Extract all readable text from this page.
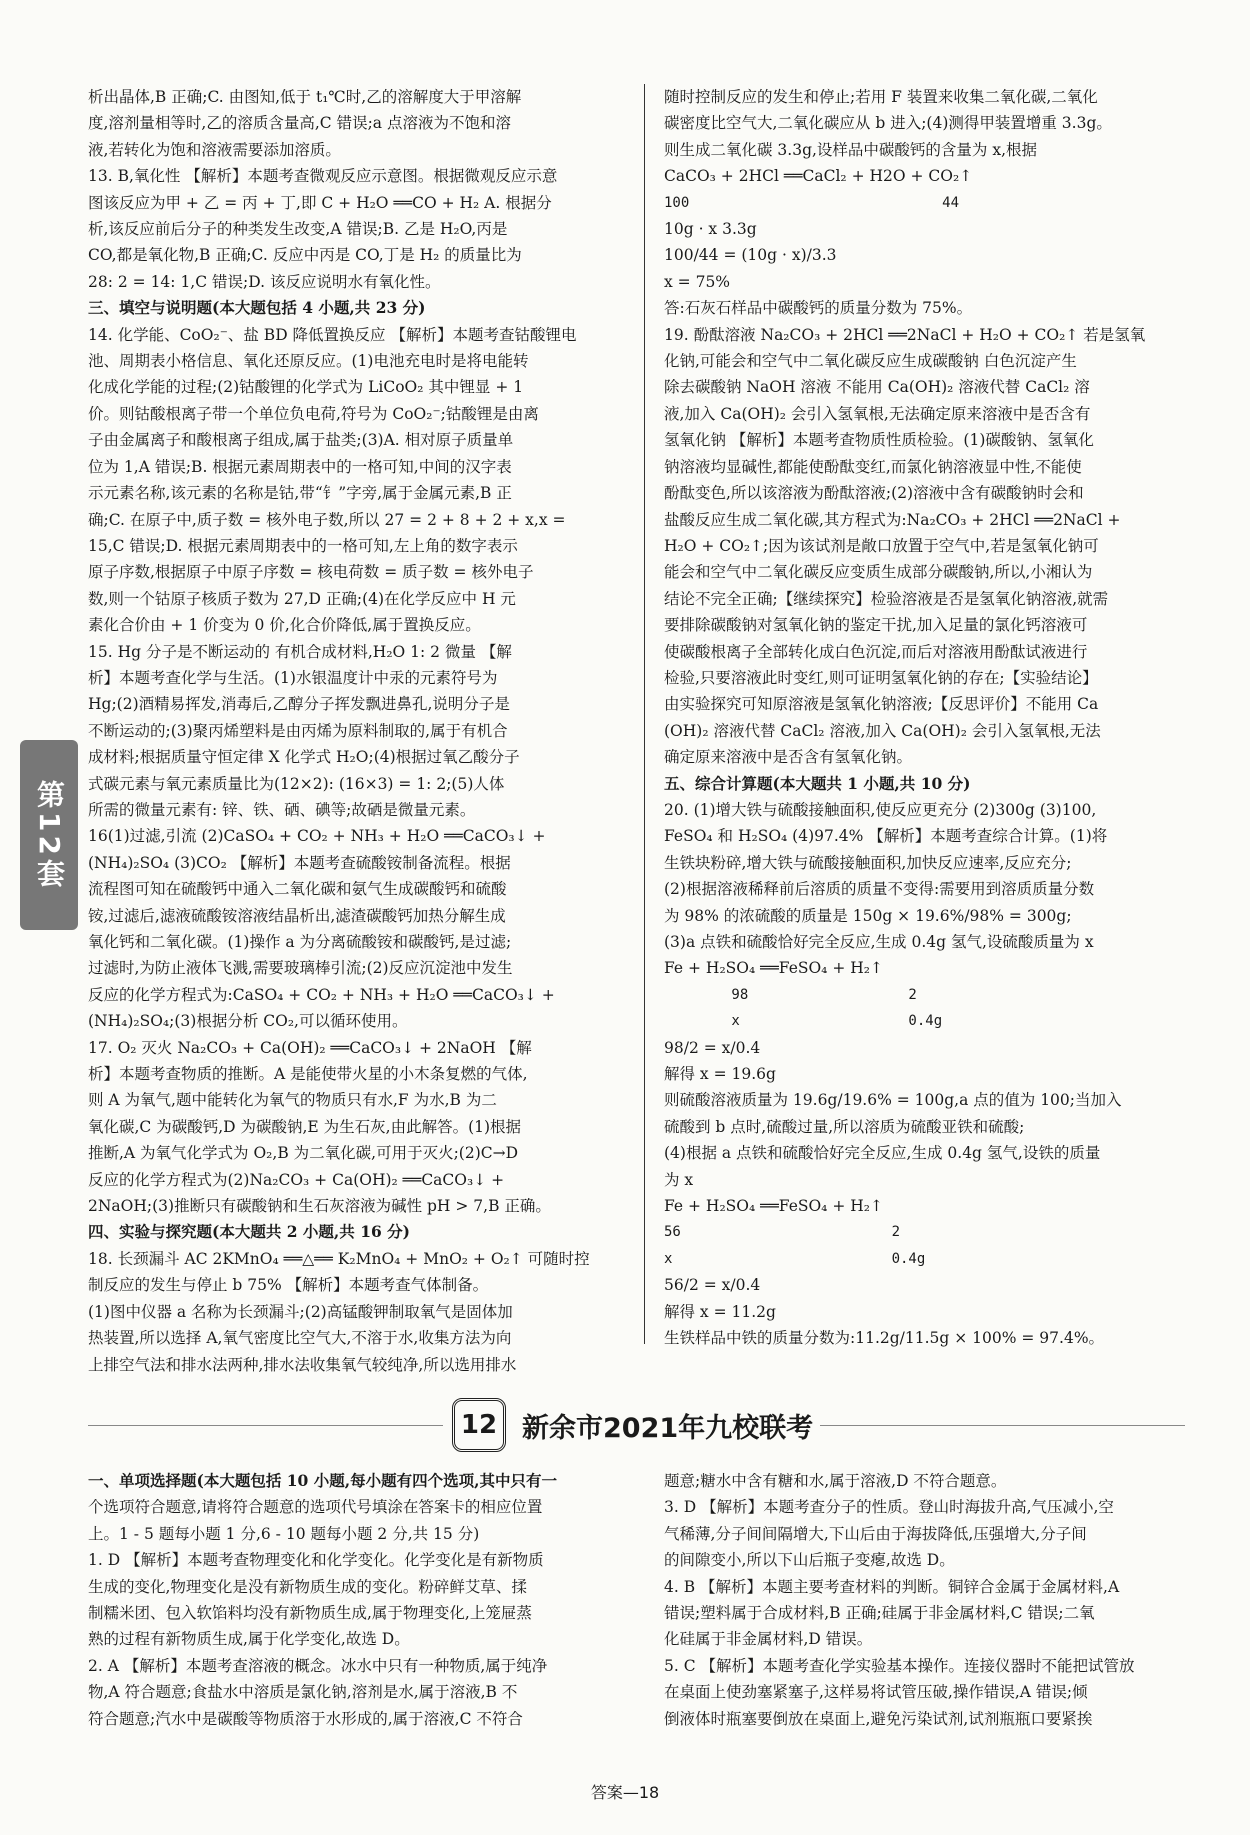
第12套

析出晶体,B 正确;C. 由图知,低于 t₁℃时,乙的溶解度大于甲溶解

度,溶剂量相等时,乙的溶质含量高,C 错误;a 点溶液为不饱和溶

液,若转化为饱和溶液需要添加溶质。

13. B,氧化性 【解析】本题考查微观反应示意图。根据微观反应示意

图该反应为甲 + 乙 = 丙 + 丁,即 C + H₂O ══CO + H₂ A. 根据分

析,该反应前后分子的种类发生改变,A 错误;B. 乙是 H₂O,丙是

CO,都是氧化物,B 正确;C. 反应中丙是 CO,丁是 H₂ 的质量比为

28: 2 = 14: 1,C 错误;D. 该反应说明水有氧化性。

三、填空与说明题(本大题包括 4 小题,共 23 分)

14. 化学能、CoO₂⁻、盐 BD 降低置换反应 【解析】本题考查钴酸锂电

池、周期表小格信息、氧化还原反应。(1)电池充电时是将电能转

化成化学能的过程;(2)钴酸锂的化学式为 LiCoO₂ 其中锂显 + 1

价。则钴酸根离子带一个单位负电荷,符号为 CoO₂⁻;钴酸锂是由离

子由金属离子和酸根离子组成,属于盐类;(3)A. 相对原子质量单

位为 1,A 错误;B. 根据元素周期表中的一格可知,中间的汉字表

示元素名称,该元素的名称是钴,带“钅”字旁,属于金属元素,B 正

确;C. 在原子中,质子数 = 核外电子数,所以 27 = 2 + 8 + 2 + x,x =

15,C 错误;D. 根据元素周期表中的一格可知,左上角的数字表示

原子序数,根据原子中原子序数 = 核电荷数 = 质子数 = 核外电子

数,则一个钴原子核质子数为 27,D 正确;(4)在化学反应中 H 元

素化合价由 + 1 价变为 0 价,化合价降低,属于置换反应。

15. Hg 分子是不断运动的 有机合成材料,H₂O 1: 2 微量 【解

析】本题考查化学与生活。(1)水银温度计中汞的元素符号为

Hg;(2)酒精易挥发,消毒后,乙醇分子挥发飘进鼻孔,说明分子是

不断运动的;(3)聚丙烯塑料是由丙烯为原料制取的,属于有机合

成材料;根据质量守恒定律 X 化学式 H₂O;(4)根据过氧乙酸分子

式碳元素与氧元素质量比为(12×2): (16×3) = 1: 2;(5)人体

所需的微量元素有: 锌、铁、硒、碘等;故硒是微量元素。

16(1)过滤,引流 (2)CaSO₄ + CO₂ + NH₃ + H₂O ══CaCO₃↓ +

(NH₄)₂SO₄ (3)CO₂ 【解析】本题考查硫酸铵制备流程。根据

流程图可知在硫酸钙中通入二氧化碳和氨气生成碳酸钙和硫酸

铵,过滤后,滤液硫酸铵溶液结晶析出,滤渣碳酸钙加热分解生成

氧化钙和二氧化碳。(1)操作 a 为分离硫酸铵和碳酸钙,是过滤;

过滤时,为防止液体飞溅,需要玻璃棒引流;(2)反应沉淀池中发生

反应的化学方程式为:CaSO₄ + CO₂ + NH₃ + H₂O ══CaCO₃↓ +

(NH₄)₂SO₄;(3)根据分析 CO₂,可以循环使用。

17. O₂ 灭火 Na₂CO₃ + Ca(OH)₂ ══CaCO₃↓ + 2NaOH 【解

析】本题考查物质的推断。A 是能使带火星的小木条复燃的气体,

则 A 为氧气,题中能转化为氧气的物质只有水,F 为水,B 为二

氧化碳,C 为碳酸钙,D 为碳酸钠,E 为生石灰,由此解答。(1)根据

推断,A 为氧气化学式为 O₂,B 为二氧化碳,可用于灭火;(2)C→D

反应的化学方程式为(2)Na₂CO₃ + Ca(OH)₂ ══CaCO₃↓ +

2NaOH;(3)推断只有碳酸钠和生石灰溶液为碱性 pH > 7,B 正确。

四、实验与探究题(本大题共 2 小题,共 16 分)

18. 长颈漏斗 AC 2KMnO₄ ══△══ K₂MnO₄ + MnO₂ + O₂↑ 可随时控

制反应的发生与停止 b 75% 【解析】本题考查气体制备。

(1)图中仪器 a 名称为长颈漏斗;(2)高锰酸钾制取氧气是固体加

热装置,所以选择 A,氧气密度比空气大,不溶于水,收集方法为向

上排空气法和排水法两种,排水法收集氧气较纯净,所以选用排水

随时控制反应的发生和停止;若用 F 装置来收集二氧化碳,二氧化

碳密度比空气大,二氧化碳应从 b 进入;(4)测得甲装置增重 3.3g。

则生成二氧化碳 3.3g,设样品中碳酸钙的含量为 x,根据

CaCO₃ + 2HCl ══CaCl₂ + H2O + CO₂↑

100                              44

10g · x 3.3g

100/44 = (10g · x)/3.3

x = 75%

答:石灰石样品中碳酸钙的质量分数为 75%。

19. 酚酞溶液 Na₂CO₃ + 2HCl ══2NaCl + H₂O + CO₂↑ 若是氢氧

化钠,可能会和空气中二氧化碳反应生成碳酸钠 白色沉淀产生

除去碳酸钠 NaOH 溶液 不能用 Ca(OH)₂ 溶液代替 CaCl₂ 溶

液,加入 Ca(OH)₂ 会引入氢氧根,无法确定原来溶液中是否含有

氢氧化钠 【解析】本题考查物质性质检验。(1)碳酸钠、氢氧化

钠溶液均显碱性,都能使酚酞变红,而氯化钠溶液显中性,不能使

酚酞变色,所以该溶液为酚酞溶液;(2)溶液中含有碳酸钠时会和

盐酸反应生成二氧化碳,其方程式为:Na₂CO₃ + 2HCl ══2NaCl +

H₂O + CO₂↑;因为该试剂是敞口放置于空气中,若是氢氧化钠可

能会和空气中二氧化碳反应变质生成部分碳酸钠,所以,小湘认为

结论不完全正确;【继续探究】检验溶液是否是氢氧化钠溶液,就需

要排除碳酸钠对氢氧化钠的鉴定干扰,加入足量的氯化钙溶液可

使碳酸根离子全部转化成白色沉淀,而后对溶液用酚酞试液进行

检验,只要溶液此时变红,则可证明氢氧化钠的存在;【实验结论】

由实验探究可知原溶液是氢氧化钠溶液;【反思评价】不能用 Ca

(OH)₂ 溶液代替 CaCl₂ 溶液,加入 Ca(OH)₂ 会引入氢氧根,无法

确定原来溶液中是否含有氢氧化钠。

五、综合计算题(本大题共 1 小题,共 10 分)

20. (1)增大铁与硫酸接触面积,使反应更充分 (2)300g (3)100,

FeSO₄ 和 H₂SO₄ (4)97.4% 【解析】本题考查综合计算。(1)将

生铁块粉碎,增大铁与硫酸接触面积,加快反应速率,反应充分;

(2)根据溶液稀释前后溶质的质量不变得:需要用到溶质质量分数

为 98% 的浓硫酸的质量是 150g × 19.6%/98% = 300g;

(3)a 点铁和硫酸恰好完全反应,生成 0.4g 氢气,设硫酸质量为 x

Fe + H₂SO₄ ══FeSO₄ + H₂↑

98                   2

x                    0.4g

98/2 = x/0.4

解得 x = 19.6g

则硫酸溶液质量为 19.6g/19.6% = 100g,a 点的值为 100;当加入

硫酸到 b 点时,硫酸过量,所以溶质为硫酸亚铁和硫酸;

(4)根据 a 点铁和硫酸恰好完全反应,生成 0.4g 氢气,设铁的质量

为 x

Fe + H₂SO₄ ══FeSO₄ + H₂↑

56                         2

x                          0.4g

56/2 = x/0.4

解得 x = 11.2g

生铁样品中铁的质量分数为:11.2g/11.5g × 100% = 97.4%。

12 新余市2021年九校联考

一、单项选择题(本大题包括 10 小题,每小题有四个选项,其中只有一

个选项符合题意,请将符合题意的选项代号填涂在答案卡的相应位置

上。1 - 5 题每小题 1 分,6 - 10 题每小题 2 分,共 15 分)

1. D 【解析】本题考查物理变化和化学变化。化学变化是有新物质

生成的变化,物理变化是没有新物质生成的变化。粉碎鲜艾草、揉

制糯米团、包入软馅料均没有新物质生成,属于物理变化,上笼屉蒸

熟的过程有新物质生成,属于化学变化,故选 D。

2. A 【解析】本题考查溶液的概念。冰水中只有一种物质,属于纯净

物,A 符合题意;食盐水中溶质是氯化钠,溶剂是水,属于溶液,B 不

符合题意;汽水中是碳酸等物质溶于水形成的,属于溶液,C 不符合

题意;糖水中含有糖和水,属于溶液,D 不符合题意。

3. D 【解析】本题考查分子的性质。登山时海拔升高,气压减小,空

气稀薄,分子间间隔增大,下山后由于海拔降低,压强增大,分子间

的间隙变小,所以下山后瓶子变瘪,故选 D。

4. B 【解析】本题主要考查材料的判断。铜锌合金属于金属材料,A

错误;塑料属于合成材料,B 正确;硅属于非金属材料,C 错误;二氧

化硅属于非金属材料,D 错误。

5. C 【解析】本题考查化学实验基本操作。连接仪器时不能把试管放

在桌面上使劲塞紧塞子,这样易将试管压破,操作错误,A 错误;倾

倒液体时瓶塞要倒放在桌面上,避免污染试剂,试剂瓶瓶口要紧挨

答案—18
